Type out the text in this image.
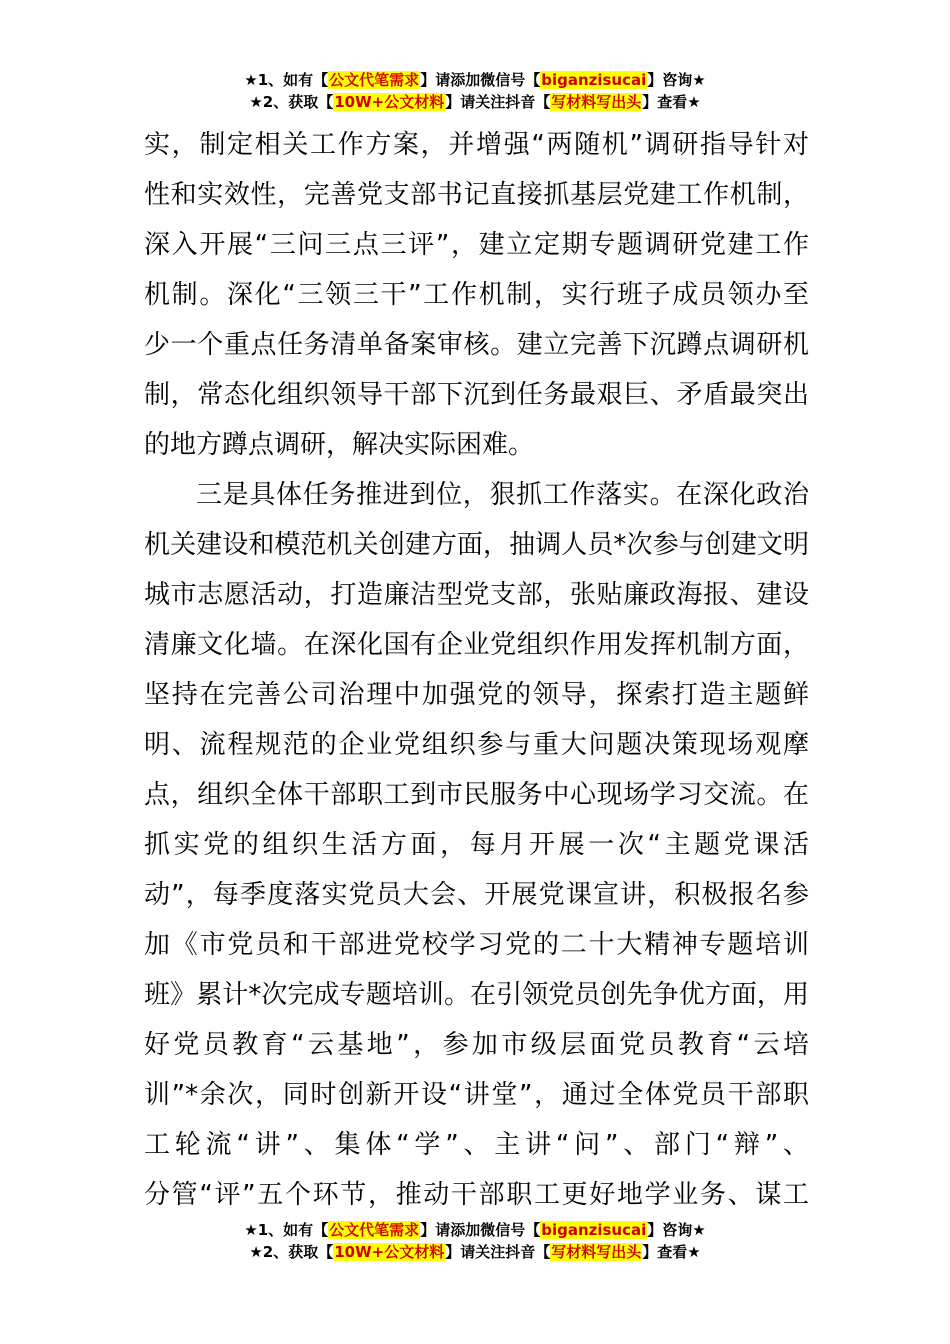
★1、如有【公文代笔需求】请添加微信号【biganzisucai】咨询★
★2、获取【10W+公文材料】请关注抖音【写材料写出头】查看★
实，制定相关工作方案，并增强“两随机”调研指导针对
性和实效性，完善党支部书记直接抓基层党建工作机制，
深入开展“三问三点三评”，建立定期专题调研党建工作
机制。深化“三领三干”工作机制，实行班子成员领办至
少一个重点任务清单备案审核。建立完善下沉蹲点调研机
制，常态化组织领导干部下沉到任务最艰巨、矛盾最突出
的地方蹲点调研，解决实际困难。
三是具体任务推进到位，狠抓工作落实。在深化政治
机关建设和模范机关创建方面，抽调人员*次参与创建文明
城市志愿活动，打造廉洁型党支部，张贴廉政海报、建设
清廉文化墙。在深化国有企业党组织作用发挥机制方面，
坚持在完善公司治理中加强党的领导，探索打造主题鲜
明、流程规范的企业党组织参与重大问题决策现场观摩
点，组织全体干部职工到市民服务中心现场学习交流。在
抓实党的组织生活方面，每月开展一次“主题党课活
动”，每季度落实党员大会、开展党课宣讲，积极报名参
加《市党员和干部进党校学习党的二十大精神专题培训
班》累计*次完成专题培训。在引领党员创先争优方面，用
好党员教育“云基地”，参加市级层面党员教育“云培
训”*余次，同时创新开设“讲堂”，通过全体党员干部职
工轮流“讲”、集体“学”、主讲“问”、部门“辩”、
分管“评”五个环节，推动干部职工更好地学业务、谋工
★1、如有【公文代笔需求】请添加微信号【biganzisucai】咨询★
★2、获取【10W+公文材料】请关注抖音【写材料写出头】查看★
